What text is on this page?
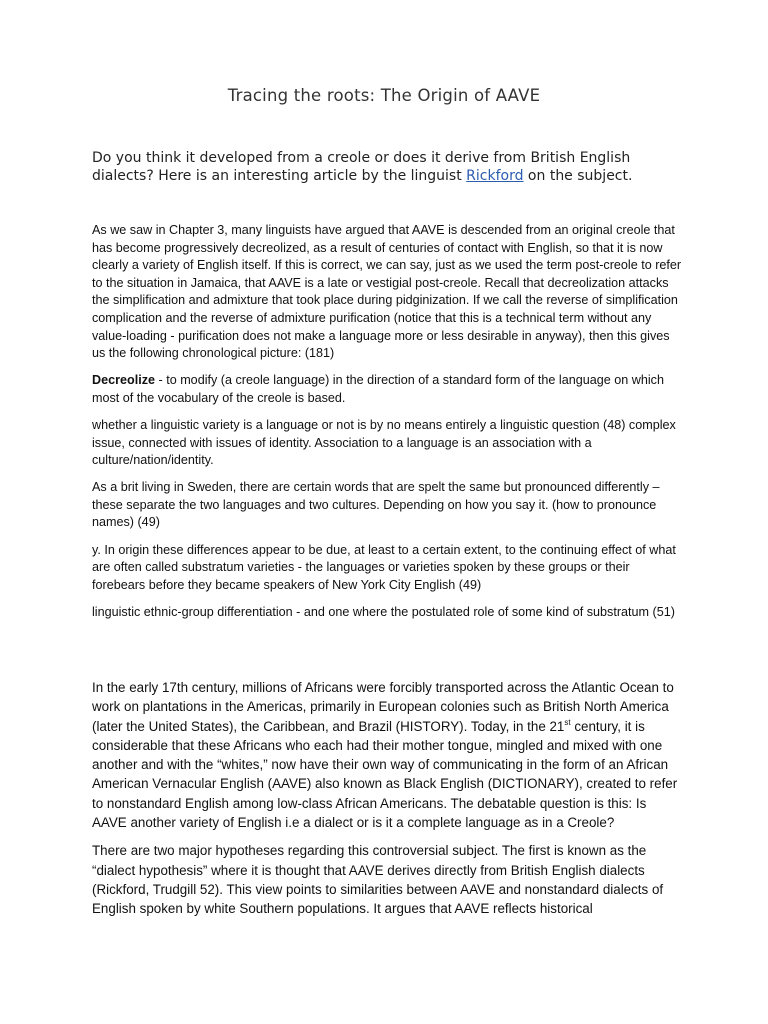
Tracing the roots: The Origin of AAVE
Do you think it developed from a creole or does it derive from British English dialects? Here is an interesting article by the linguist Rickford on the subject.

As we saw in Chapter 3, many linguists have argued that AAVE is descended from an original creole that has become progressively decreolized, as a result of centuries of contact with English, so that it is now clearly a variety of English itself. If this is correct, we can say, just as we used the term post-creole to refer to the situation in Jamaica, that AAVE is a late or vestigial post-creole. Recall that decreolization attacks the simplification and admixture that took place during pidginization. If we call the reverse of simplification complication and the reverse of admixture purification (notice that this is a technical term without any value-loading - purification does not make a language more or less desirable in anyway), then this gives us the following chronological picture: (181)

Decreolize - to modify (a creole language) in the direction of a standard form of the language on which most of the vocabulary of the creole is based.

whether a linguistic variety is a language or not is by no means entirely a linguistic question (48) complex issue, connected with issues of identity. Association to a language is an association with a culture/nation/identity.

As a brit living in Sweden, there are certain words that are spelt the same but pronounced differently – these separate the two languages and two cultures. Depending on how you say it. (how to pronounce names) (49)

y. In origin these differences appear to be due, at least to a certain extent, to the continuing effect of what are often called substratum varieties - the languages or varieties spoken by these groups or their forebears before they became speakers of New York City English (49)

linguistic ethnic-group differentiation - and one where the postulated role of some kind of substratum (51)

In the early 17th century, millions of Africans were forcibly transported across the Atlantic Ocean to work on plantations in the Americas, primarily in European colonies such as British North America (later the United States), the Caribbean, and Brazil (HISTORY). Today, in the 21st century, it is considerable that these Africans who each had their mother tongue, mingled and mixed with one another and with the “whites,” now have their own way of communicating in the form of an African American Vernacular English (AAVE) also known as Black English (DICTIONARY), created to refer to nonstandard English among low-class African Americans. The debatable question is this: Is AAVE another variety of English i.e a dialect or is it a complete language as in a Creole?

There are two major hypotheses regarding this controversial subject. The first is known as the “dialect hypothesis” where it is thought that AAVE derives directly from British English dialects (Rickford, Trudgill 52). This view points to similarities between AAVE and nonstandard dialects of English spoken by white Southern populations. It argues that AAVE reflects historical
